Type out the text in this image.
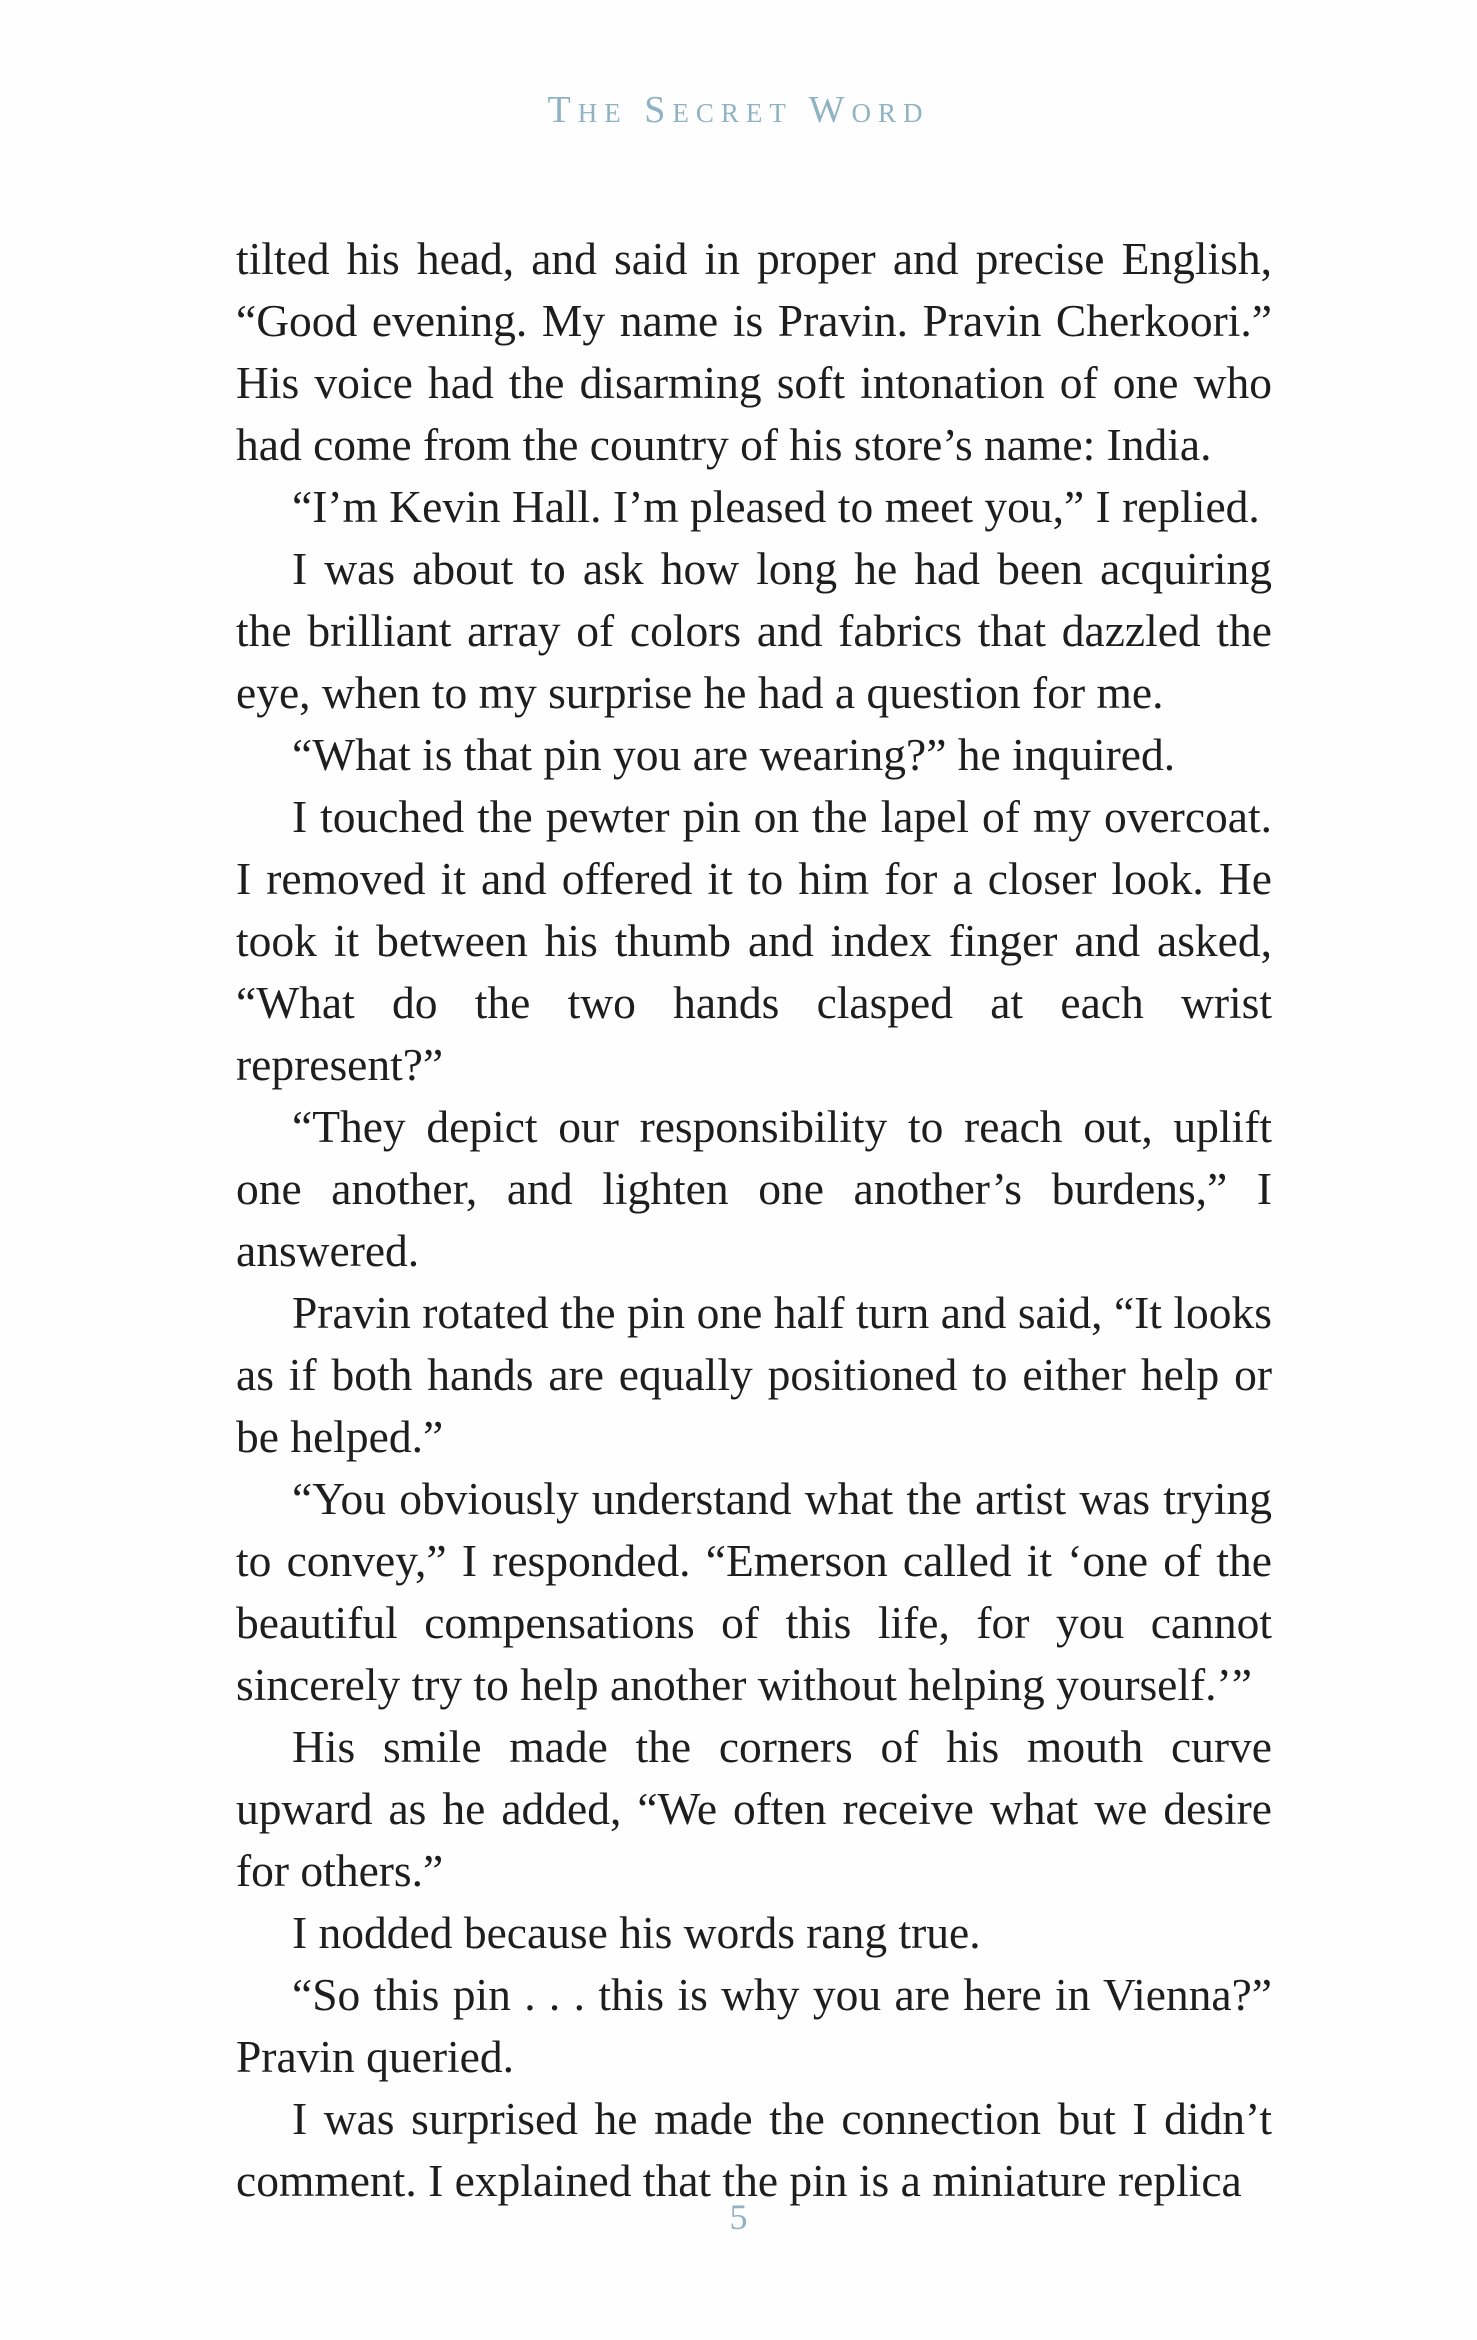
The Secret Word

tilted his head, and said in proper and precise English, “Good evening. My name is Pravin. Pravin Cherkoori.” His voice had the disarming soft intonation of one who had come from the country of his store’s name: India.

“I’m Kevin Hall. I’m pleased to meet you,” I replied.

I was about to ask how long he had been acquiring the brilliant array of colors and fabrics that dazzled the eye, when to my surprise he had a question for me.

“What is that pin you are wearing?” he inquired.

I touched the pewter pin on the lapel of my overcoat. I removed it and offered it to him for a closer look. He took it between his thumb and index finger and asked, “What do the two hands clasped at each wrist represent?”

“They depict our responsibility to reach out, uplift one another, and lighten one another’s burdens,” I answered.

Pravin rotated the pin one half turn and said, “It looks as if both hands are equally positioned to either help or be helped.”

“You obviously understand what the artist was trying to convey,” I responded. “Emerson called it ‘one of the beautiful compensations of this life, for you cannot sincerely try to help another without helping yourself.’”

His smile made the corners of his mouth curve upward as he added, “We often receive what we desire for others.”

I nodded because his words rang true.

“So this pin . . . this is why you are here in Vienna?” Pravin queried.

I was surprised he made the connection but I didn’t comment. I explained that the pin is a miniature replica

5
